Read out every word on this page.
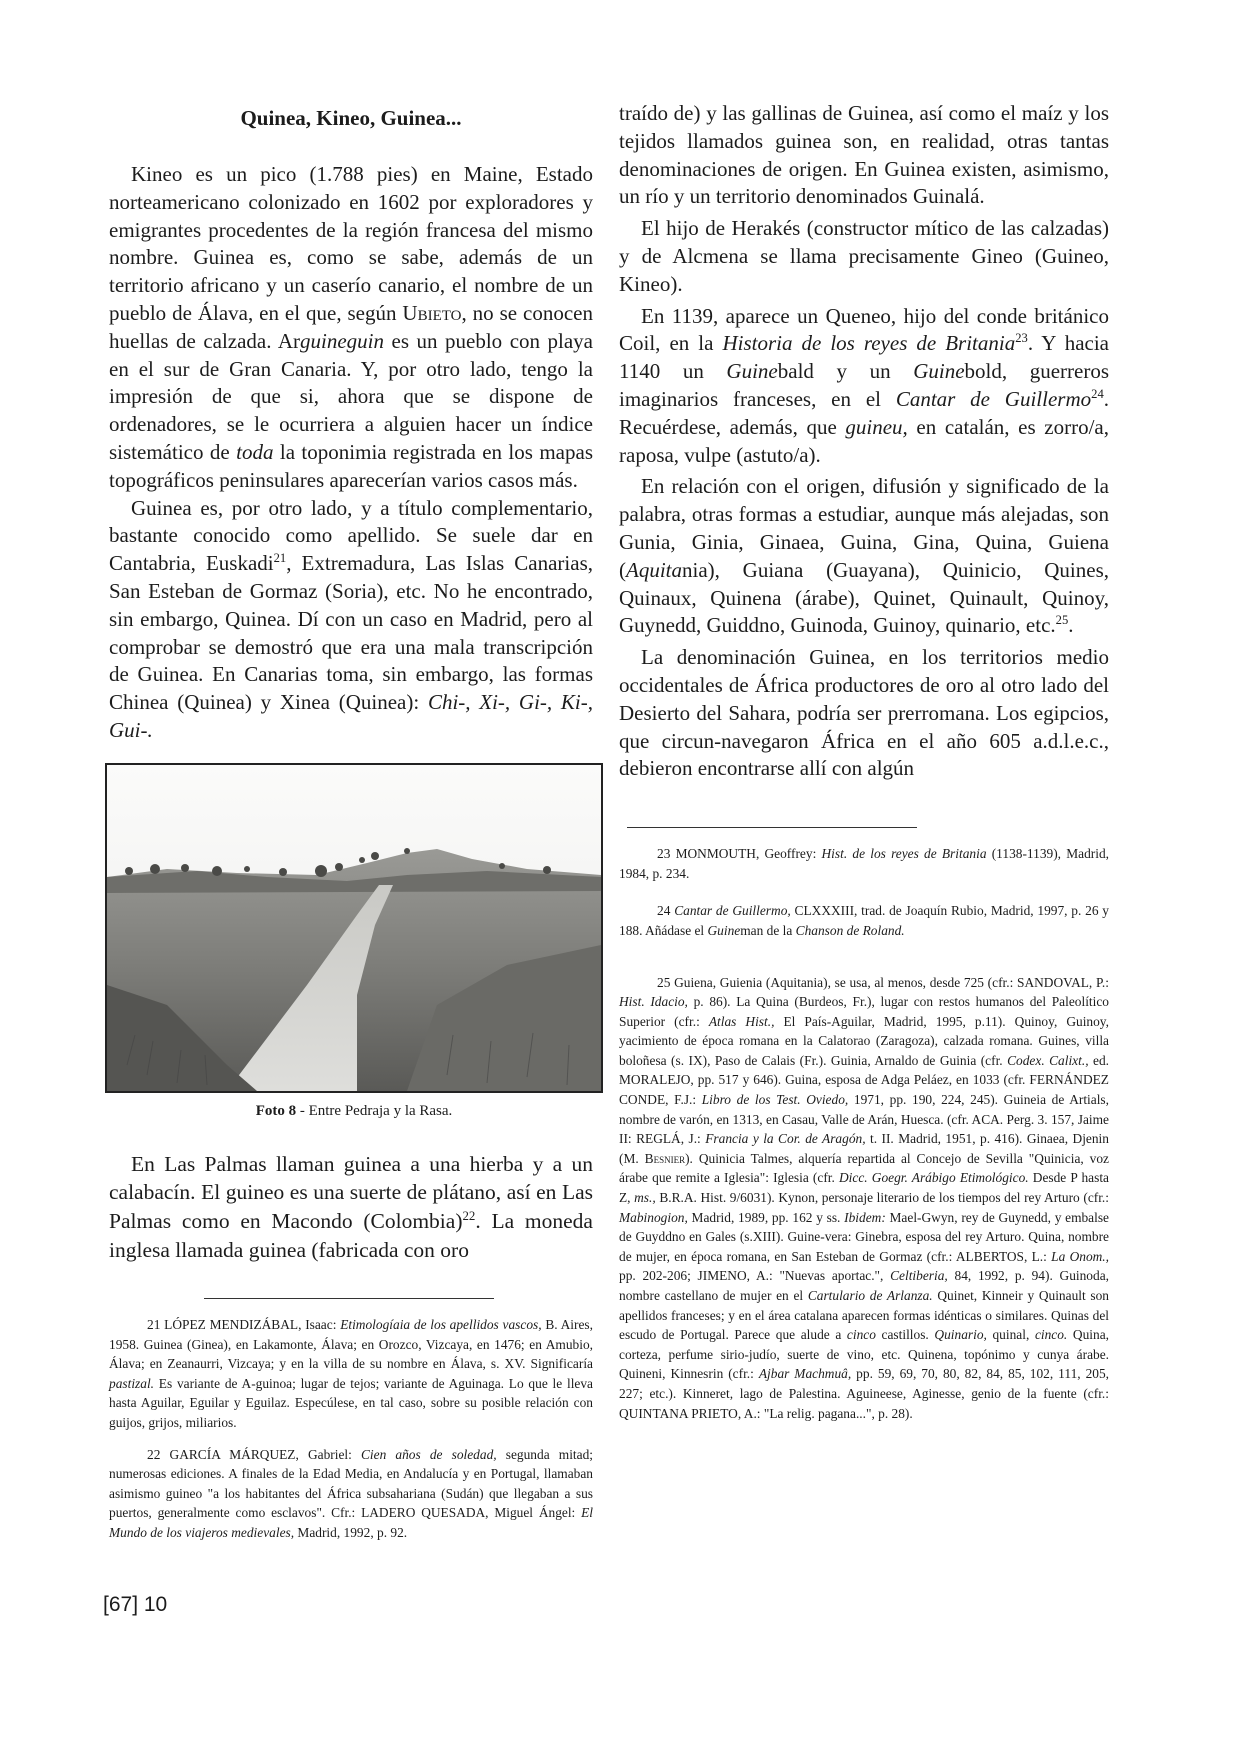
Quinea, Kineo, Guinea...

Kineo es un pico (1.788 pies) en Maine, Estado norteamericano colonizado en 1602 por exploradores y emigrantes procedentes de la región francesa del mismo nombre. Guinea es, como se sabe, además de un territorio africano y un caserío canario, el nombre de un pueblo de Álava, en el que, según Ubieto, no se conocen huellas de calzada. Arguineguin es un pueblo con playa en el sur de Gran Canaria. Y, por otro lado, tengo la impresión de que si, ahora que se dispone de ordenadores, se le ocurriera a alguien hacer un índice sistemático de toda la toponimia registrada en los mapas topográficos peninsulares aparecerían varios casos más.

Guinea es, por otro lado, y a título complementario, bastante conocido como apellido. Se suele dar en Cantabria, Euskadi$^{21}$, Extremadura, Las Islas Canarias, San Esteban de Gormaz (Soria), etc. No he encontrado, sin embargo, Quinea. Dí con un caso en Madrid, pero al comprobar se demostró que era una mala transcripción de Guinea. En Canarias toma, sin embargo, las formas Chinea (Quinea) y Xinea (Quinea): Chi-, Xi-, Gi-, Ki-, Gui-.

Foto 8 - Entre Pedraja y la Rasa.

En Las Palmas llaman guinea a una hierba y a un calabacín. El guineo es una suerte de plátano, así en Las Palmas como en Macondo (Colombia)$^{22}$. La moneda inglesa llamada guinea (fabricada con oro

21 LÓPEZ MENDIZÁBAL, Isaac: Etimologíaia de los apellidos vascos, B. Aires, 1958. Guinea (Ginea), en Lakamonte, Álava; en Orozco, Vizcaya, en 1476; en Amubio, Álava; en Zeanaurri, Vizcaya; y en la villa de su nombre en Álava, s. XV. Significaría pastizal. Es variante de A-guinoa; lugar de tejos; variante de Aguinaga. Lo que le lleva hasta Aguilar, Eguilar y Eguilaz. Especúlese, en tal caso, sobre su posible relación con guijos, grijos, miliarios.

22 GARCÍA MÁRQUEZ, Gabriel: Cien años de soledad, segunda mitad; numerosas ediciones. A finales de la Edad Media, en Andalucía y en Portugal, llamaban asimismo guineo "a los habitantes del África subsahariana (Sudán) que llegaban a sus puertos, generalmente como esclavos". Cfr.: LADERO QUESADA, Miguel Ángel: El Mundo de los viajeros medievales, Madrid, 1992, p. 92.

traído de) y las gallinas de Guinea, así como el maíz y los tejidos llamados guinea son, en realidad, otras tantas denominaciones de origen. En Guinea existen, asimismo, un río y un territorio denominados Guinalá.

El hijo de Herakés (constructor mítico de las calzadas) y de Alcmena se llama precisamente Gineo (Guineo, Kineo).

En 1139, aparece un Queneo, hijo del conde británico Coil, en la Historia de los reyes de Britania$^{23}$. Y hacia 1140 un Guinebald y un Guinebold, guerreros imaginarios franceses, en el Cantar de Guillermo$^{24}$. Recuérdese, además, que guineu, en catalán, es zorro/a, raposa, vulpe (astuto/a).

En relación con el origen, difusión y significado de la palabra, otras formas a estudiar, aunque más alejadas, son Gunia, Ginia, Ginaea, Guina, Gina, Quina, Guiena (Aquitania), Guiana (Guayana), Quinicio, Quines, Quinaux, Quinena (árabe), Quinet, Quinault, Quinoy, Guynedd, Guiddno, Guinoda, Guinoy, quinario, etc.$^{25}$.

La denominación Guinea, en los territorios medio occidentales de África productores de oro al otro lado del Desierto del Sahara, podría ser prerromana. Los egipcios, que circun-navegaron África en el año 605 a.d.l.e.c., debieron encontrarse allí con algún

23 MONMOUTH, Geoffrey: Hist. de los reyes de Britania (1138-1139), Madrid, 1984, p. 234.

24 Cantar de Guillermo, CLXXXIII, trad. de Joaquín Rubio, Madrid, 1997, p. 26 y 188. Añádase el Guineman de la Chanson de Roland.

25 Guiena, Guienia (Aquitania), se usa, al menos, desde 725 (cfr.: SANDOVAL, P.: Hist. Idacio, p. 86). La Quina (Burdeos, Fr.), lugar con restos humanos del Paleolítico Superior (cfr.: Atlas Hist., El País-Aguilar, Madrid, 1995, p.11). Quinoy, Guinoy, yacimiento de época romana en la Calatorao (Zaragoza), calzada romana. Guines, villa boloñesa (s. IX), Paso de Calais (Fr.). Guinia, Arnaldo de Guinia (cfr. Codex. Calixt., ed. MORALEJO, pp. 517 y 646). Guina, esposa de Adga Peláez, en 1033 (cfr. FERNÁNDEZ CONDE, F.J.: Libro de los Test. Oviedo, 1971, pp. 190, 224, 245). Guineia de Artials, nombre de varón, en 1313, en Casau, Valle de Arán, Huesca. (cfr. ACA. Perg. 3. 157, Jaime II: REGLÁ, J.: Francia y la Cor. de Aragón, t. II. Madrid, 1951, p. 416). Ginaea, Djenin (M. Besnier). Quinicia Talmes, alquería repartida al Concejo de Sevilla "Quinicia, voz árabe que remite a Iglesia": Iglesia (cfr. Dicc. Goegr. Arábigo Etimológico. Desde P hasta Z, ms., B.R.A. Hist. 9/6031). Kynon, personaje literario de los tiempos del rey Arturo (cfr.: Mabinogion, Madrid, 1989, pp. 162 y ss. Ibidem: Mael-Gwyn, rey de Guynedd, y embalse de Guyddno en Gales (s.XIII). Guine-vera: Ginebra, esposa del rey Arturo. Quina, nombre de mujer, en época romana, en San Esteban de Gormaz (cfr.: ALBERTOS, L.: La Onom., pp. 202-206; JIMENO, A.: "Nuevas aportac.", Celtiberia, 84, 1992, p. 94). Guinoda, nombre castellano de mujer en el Cartulario de Arlanza. Quinet, Kinneir y Quinault son apellidos franceses; y en el área catalana aparecen formas idénticas o similares. Quinas del escudo de Portugal. Parece que alude a cinco castillos. Quinario, quinal, cinco. Quina, corteza, perfume sirio-judío, suerte de vino, etc. Quinena, topónimo y cunya árabe. Quineni, Kinnesrin (cfr.: Ajbar Machmuâ, pp. 59, 69, 70, 80, 82, 84, 85, 102, 111, 205, 227; etc.). Kinneret, lago de Palestina. Aguineese, Aginesse, genio de la fuente (cfr.: QUINTANA PRIETO, A.: "La relig. pagana...", p. 28).

[67] 10
